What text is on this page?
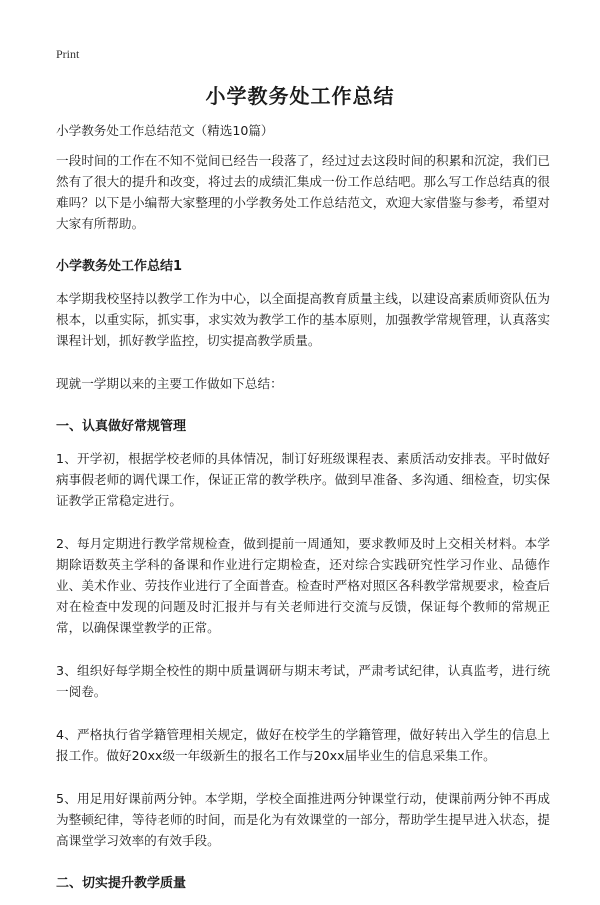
Print
小学教务处工作总结

小学教务处工作总结范文（精选10篇）

一段时间的工作在不知不觉间已经告一段落了，经过过去这段时间的积累和沉淀，我们已然有了很大的提升和改变，将过去的成绩汇集成一份工作总结吧。那么写工作总结真的很难吗？以下是小编帮大家整理的小学教务处工作总结范文，欢迎大家借鉴与参考，希望对大家有所帮助。

小学教务处工作总结1

本学期我校坚持以教学工作为中心，以全面提高教育质量主线，以建设高素质师资队伍为根本，以重实际，抓实事，求实效为教学工作的基本原则，加强教学常规管理，认真落实课程计划，抓好教学监控，切实提高教学质量。

现就一学期以来的主要工作做如下总结：

一、认真做好常规管理

1、开学初，根据学校老师的具体情况，制订好班级课程表、素质活动安排表。平时做好病事假老师的调代课工作，保证正常的教学秩序。做到早准备、多沟通、细检查，切实保证教学正常稳定进行。

2、每月定期进行教学常规检查，做到提前一周通知，要求教师及时上交相关材料。本学期除语数英主学科的备课和作业进行定期检查，还对综合实践研究性学习作业、品德作业、美术作业、劳技作业进行了全面普查。检查时严格对照区各科教学常规要求，检查后对在检查中发现的问题及时汇报并与有关老师进行交流与反馈，保证每个教师的常规正常，以确保课堂教学的正常。

3、组织好每学期全校性的期中质量调研与期末考试，严肃考试纪律，认真监考，进行统一阅卷。

4、严格执行省学籍管理相关规定，做好在校学生的学籍管理，做好转出入学生的信息上报工作。做好20xx级一年级新生的报名工作与20xx届毕业生的信息采集工作。

5、用足用好课前两分钟。本学期，学校全面推进两分钟课堂行动，使课前两分钟不再成为整顿纪律，等待老师的时间，而是化为有效课堂的一部分，帮助学生提早进入状态，提高课堂学习效率的有效手段。

二、切实提升教学质量
